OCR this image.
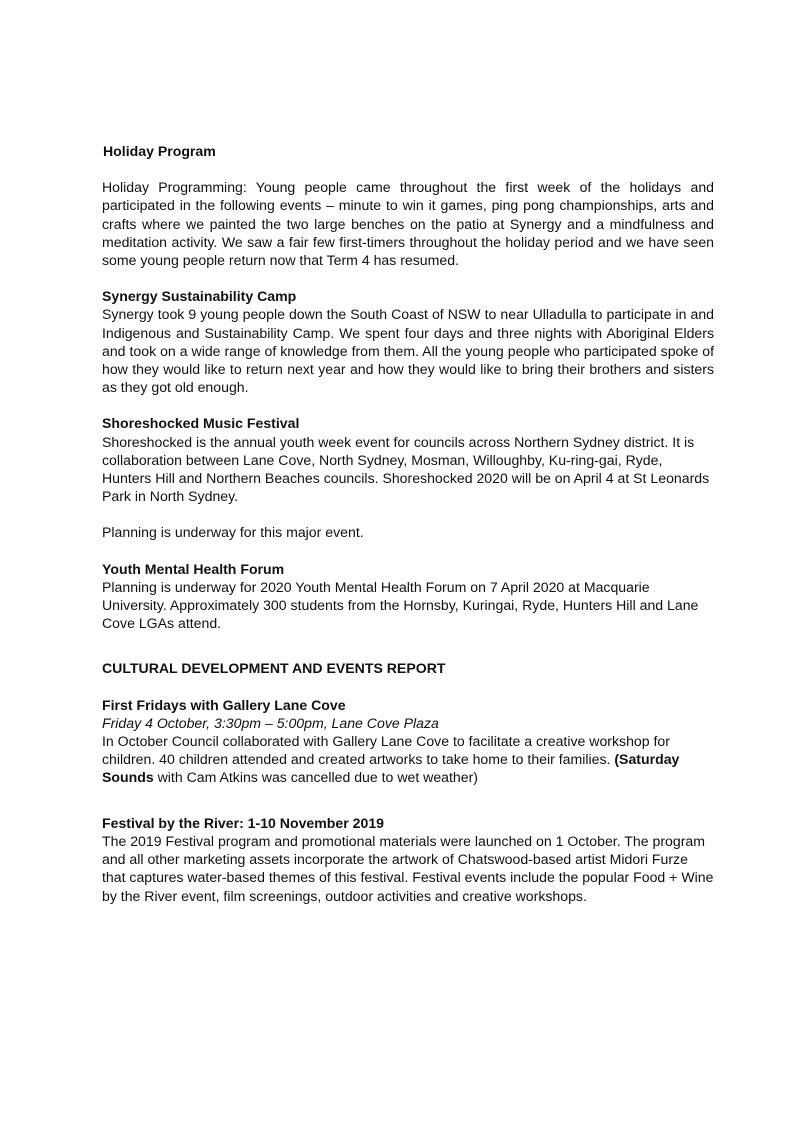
Holiday Program

Holiday Programming: Young people came throughout the first week of the holidays and participated in the following events – minute to win it games, ping pong championships, arts and crafts where we painted the two large benches on the patio at Synergy and a mindfulness and meditation activity. We saw a fair few first-timers throughout the holiday period and we have seen some young people return now that Term 4 has resumed.

Synergy Sustainability Camp

Synergy took 9 young people down the South Coast of NSW to near Ulladulla to participate in and Indigenous and Sustainability Camp. We spent four days and three nights with Aboriginal Elders and took on a wide range of knowledge from them. All the young people who participated spoke of how they would like to return next year and how they would like to bring their brothers and sisters as they got old enough.

Shoreshocked Music Festival

Shoreshocked is the annual youth week event for councils across Northern Sydney district. It is collaboration between Lane Cove, North Sydney, Mosman, Willoughby, Ku-ring-gai, Ryde, Hunters Hill and Northern Beaches councils. Shoreshocked 2020 will be on April 4 at St Leonards Park in North Sydney.

Planning is underway for this major event.

Youth Mental Health Forum

Planning is underway for 2020 Youth Mental Health Forum on 7 April 2020 at Macquarie University. Approximately 300 students from the Hornsby, Kuringai, Ryde, Hunters Hill and Lane Cove LGAs attend.

CULTURAL DEVELOPMENT AND EVENTS REPORT

First Fridays with Gallery Lane Cove

Friday 4 October, 3:30pm – 5:00pm, Lane Cove Plaza

In October Council collaborated with Gallery Lane Cove to facilitate a creative workshop for children. 40 children attended and created artworks to take home to their families. (Saturday Sounds with Cam Atkins was cancelled due to wet weather)

Festival by the River: 1-10 November 2019

The 2019 Festival program and promotional materials were launched on 1 October. The program and all other marketing assets incorporate the artwork of Chatswood-based artist Midori Furze that captures water-based themes of this festival. Festival events include the popular Food + Wine by the River event, film screenings, outdoor activities and creative workshops.
